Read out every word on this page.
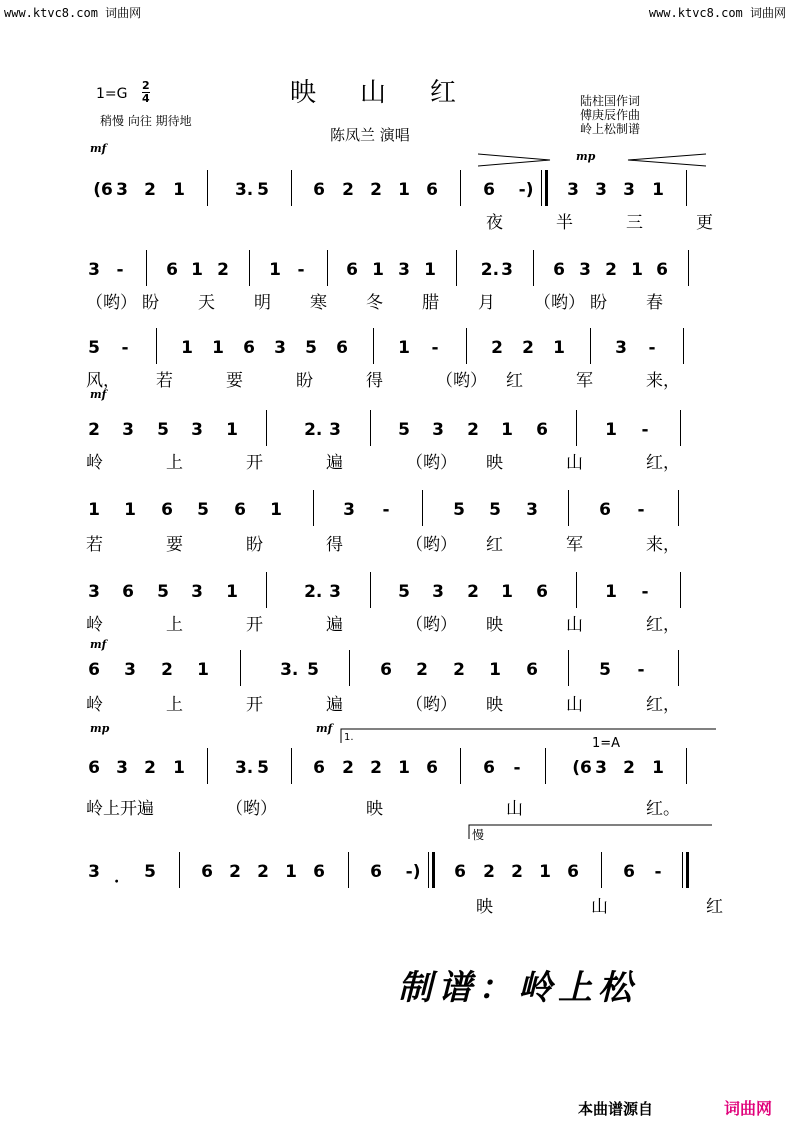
www.ktvc8.com 词曲网	www.ktvc8.com 词曲网
映山红
1=G
2
4
稍慢 向往 期待地
陈凤兰 演唱
陆柱国作词
傅庚辰作曲
岭上松制谱
mf
mp
mf
mf
mp	mf
1.	1=A
慢
(6 3 2 1	3. 5	6 2 2 1 6	6	-)	3 3 3 1
夜	半	三	更
3 -	6 1 2 1 - 6 1 3 1	2. 3 6 3 2 1 6
（哟） 盼 天 明 寒 冬 腊 月 （哟） 盼 春
5 -	1 1 6 3 5 6	1 -	2 2 1	3 -
风， 若	要	盼	得	（哟） 红	军	来，
2 3 5 3 1	2. 3	5 3 2 1 6	1 -
岭	上	开	遍	（哟） 映	山	红，
1 1 6 5 6 1	3 -	5 5 3	6 -
若	要	盼	得	（哟） 红	军	来，
3 6 5 3 1	2. 3	5 3 2 1 6	1 -
岭	上	开	遍	（哟） 映	山	红，
6 3 2 1	3. 5	6 2 2 1 6	5 -
岭	上	开	遍	（哟） 映	山	红，
6 3 2 1	3. 5	6 2 2 1 6	6 -	(6 3 2 1
岭上开遍	（哟）	映	山	红。
3 ． 5	6 2 2 1 6	6	-)	6 2 2 1 6	6 -
映	山	红
制谱：岭上松
本曲谱源自	词曲网
